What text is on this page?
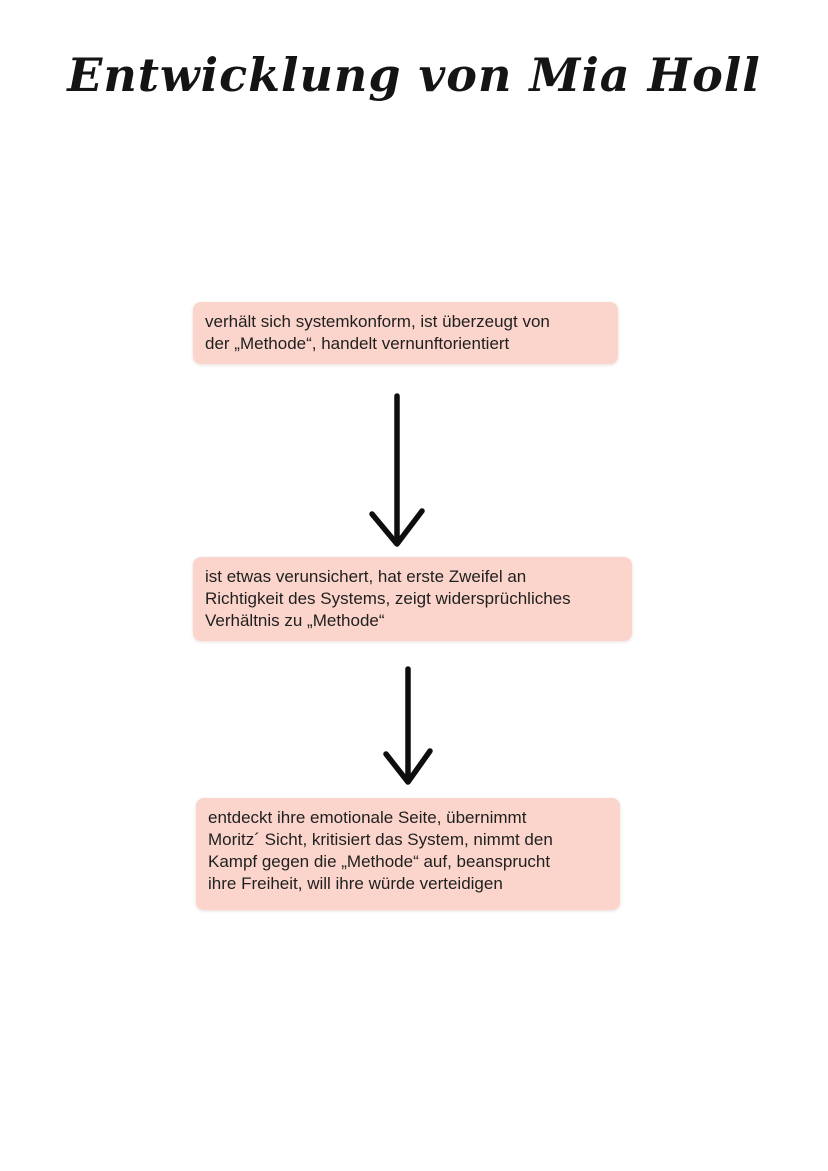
Entwicklung von Mia Holl
verhält sich systemkonform, ist überzeugt von
der „Methode“, handelt vernunftorientiert
ist etwas verunsichert, hat erste Zweifel an
Richtigkeit des Systems, zeigt widersprüchliches
Verhältnis zu „Methode“
entdeckt ihre emotionale Seite, übernimmt
Moritz´ Sicht, kritisiert das System, nimmt den
Kampf gegen die „Methode“ auf, beansprucht
ihre Freiheit, will ihre würde verteidigen
